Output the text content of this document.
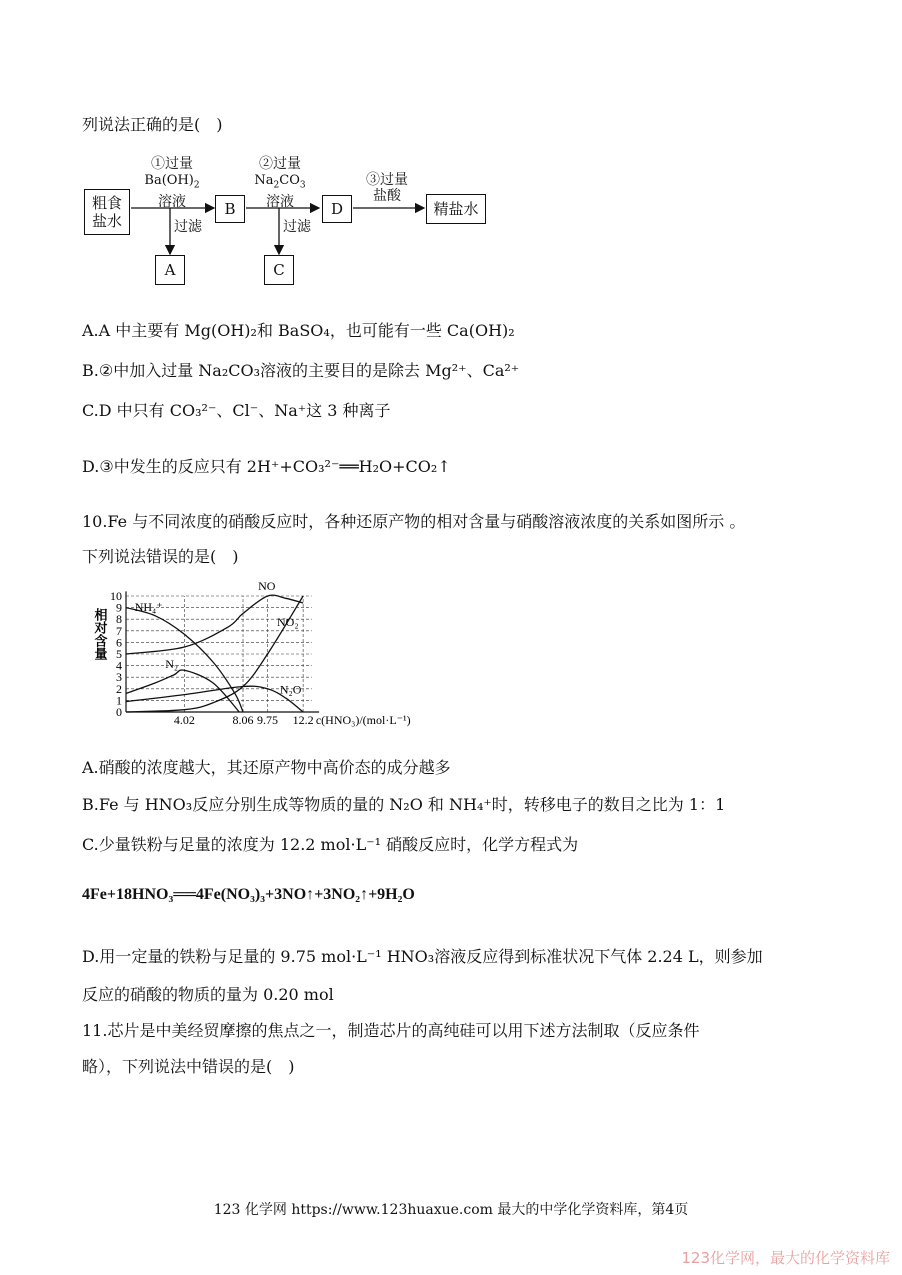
列说法正确的是(　)
粗食
盐水
①过量
$Ba(OH)_2$
溶液	B
②过量
$Na_2CO_3$
溶液	D
③过量
盐酸
精盐水
过滤	过滤
A	C
A.A 中主要有 Mg(OH)₂和 BaSO₄，也可能有一些 Ca(OH)₂
B.②中加入过量 Na₂CO₃溶液的主要目的是除去 Mg²⁺、Ca²⁺
C.D 中只有 CO₃²⁻、Cl⁻、Na⁺这 3 种离子
D.③中发生的反应只有 2H⁺+CO₃²⁻══H₂O+CO₂↑
10.Fe 与不同浓度的硝酸反应时，各种还原产物的相对含量与硝酸溶液浓度的关系如图所示 。
下列说法错误的是(　)
0
1
2
3
4
5
6
7
8
9
10
4.02	8.06 9.75 12.2
NH₄⁺
NO
NO₂
N₂
N₂O
相对含量
c(HNO₃)/(mol·L⁻¹)
A.硝酸的浓度越大，其还原产物中高价态的成分越多
B.Fe 与 HNO₃反应分别生成等物质的量的 N₂O 和 NH₄⁺时，转移电子的数目之比为 1：1
C.少量铁粉与足量的浓度为 12.2 mol·L⁻¹ 硝酸反应时，化学方程式为
4Fe+18HNO₃══4Fe(NO₃)₃+3NO↑+3NO₂↑+9H₂O
D.用一定量的铁粉与足量的 9.75 mol·L⁻¹ HNO₃溶液反应得到标准状况下气体 2.24 L，则参加
反应的硝酸的物质的量为 0.20 mol
11.芯片是中美经贸摩擦的焦点之一，制造芯片的高纯硅可以用下述方法制取（反应条件
略），下列说法中错误的是(　)
123 化学网 https://www.123huaxue.com 最大的中学化学资料库，第4页
123化学网，最大的化学资料库
